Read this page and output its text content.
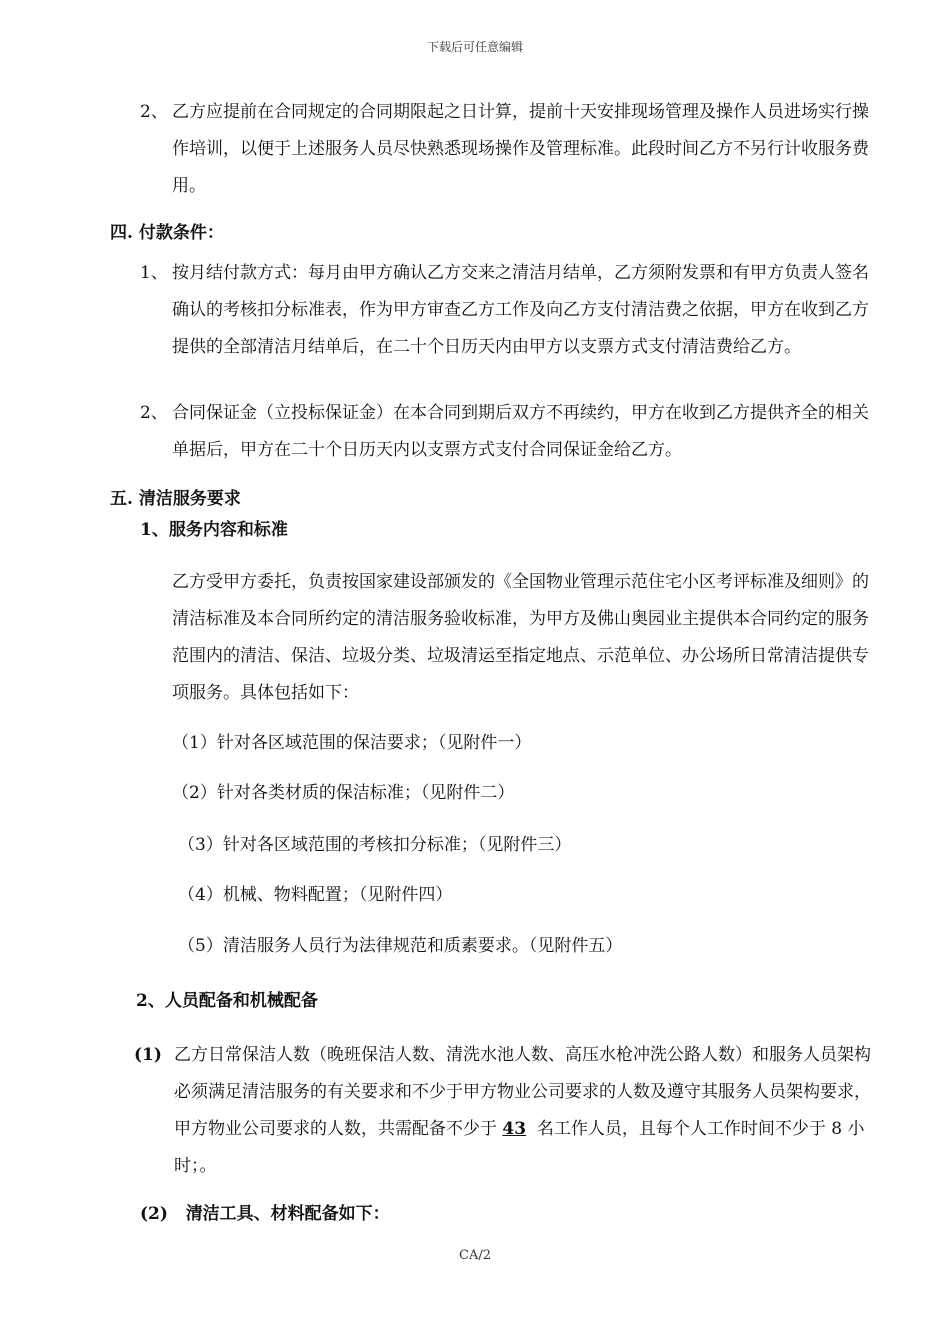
下载后可任意编辑
2、 乙方应提前在合同规定的合同期限起之日计算，提前十天安排现场管理及操作人员进场实行操作培训，以便于上述服务人员尽快熟悉现场操作及管理标准。此段时间乙方不另行计收服务费用。
四. 付款条件：
1、 按月结付款方式：每月由甲方确认乙方交来之清洁月结单，乙方须附发票和有甲方负责人签名确认的考核扣分标准表，作为甲方审查乙方工作及向乙方支付清洁费之依据，甲方在收到乙方提供的全部清洁月结单后，在二十个日历天内由甲方以支票方式支付清洁费给乙方。
2、 合同保证金（立投标保证金）在本合同到期后双方不再续约，甲方在收到乙方提供齐全的相关单据后，甲方在二十个日历天内以支票方式支付合同保证金给乙方。
五. 清洁服务要求
1、服务内容和标准
乙方受甲方委托，负责按国家建设部颁发的《全国物业管理示范住宅小区考评标准及细则》的清洁标准及本合同所约定的清洁服务验收标准，为甲方及佛山奥园业主提供本合同约定的服务范围内的清洁、保洁、垃圾分类、垃圾清运至指定地点、示范单位、办公场所日常清洁提供专项服务。具体包括如下：
（1）针对各区域范围的保洁要求；（见附件一）
（2）针对各类材质的保洁标准；（见附件二）
（3）针对各区域范围的考核扣分标准；（见附件三）
（4）机械、物料配置；（见附件四）
（5）清洁服务人员行为法律规范和质素要求。（见附件五）
2、人员配备和机械配备
(1) 乙方日常保洁人数（晚班保洁人数、清洗水池人数、高压水枪冲洗公路人数）和服务人员架构必须满足清洁服务的有关要求和不少于甲方物业公司要求的人数及遵守其服务人员架构要求，甲方物业公司要求的人数，共需配备不少于 43 名工作人员，且每个人工作时间不少于 8 小时；。
(2) 清洁工具、材料配备如下：
CA/2
